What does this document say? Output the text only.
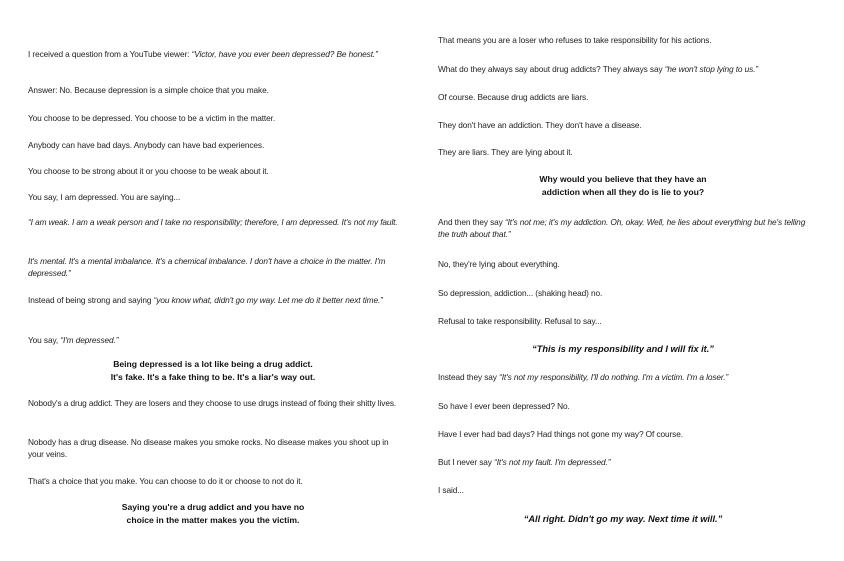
I received a question from a YouTube viewer: “Victor, have you ever been depressed? Be honest.”

Answer: No. Because depression is a simple choice that you make.

You choose to be depressed. You choose to be a victim in the matter.

Anybody can have bad days. Anybody can have bad experiences.

You choose to be strong about it or you choose to be weak about it.

You say, I am depressed. You are saying...

“I am weak. I am a weak person and I take no responsibility; therefore, I am depressed. It's not my fault.

It's mental. It's a mental imbalance. It's a chemical imbalance. I don't have a choice in the matter. I'm depressed.”

Instead of being strong and saying “you know what, didn't go my way. Let me do it better next time.”

You say, “I'm depressed.”

Being depressed is a lot like being a drug addict.
It's fake. It's a fake thing to be. It's a liar's way out.

Nobody's a drug addict. They are losers and they choose to use drugs instead of fixing their shitty lives.

Nobody has a drug disease. No disease makes you smoke rocks. No disease makes you shoot up in your veins.

That's a choice that you make. You can choose to do it or choose to not do it.

Saying you're a drug addict and you have no
choice in the matter makes you the victim.

That means you are a loser who refuses to take responsibility for his actions.

What do they always say about drug addicts? They always say “he won't stop lying to us.”

Of course. Because drug addicts are liars.

They don't have an addiction. They don't have a disease.

They are liars. They are lying about it.

Why would you believe that they have an
addiction when all they do is lie to you?

And then they say “It's not me; it's my addiction. Oh, okay. Well, he lies about everything but he's telling the truth about that.”

No, they're lying about everything.

So depression, addiction... (shaking head) no.

Refusal to take responsibility. Refusal to say...

“This is my responsibility and I will fix it.”

Instead they say “It's not my responsibility, I'll do nothing. I'm a victim. I'm a loser.”

So have I ever been depressed? No.

Have I ever had bad days? Had things not gone my way? Of course.

But I never say “It's not my fault. I'm depressed.”

I said...

“All right. Didn't go my way. Next time it will.”
